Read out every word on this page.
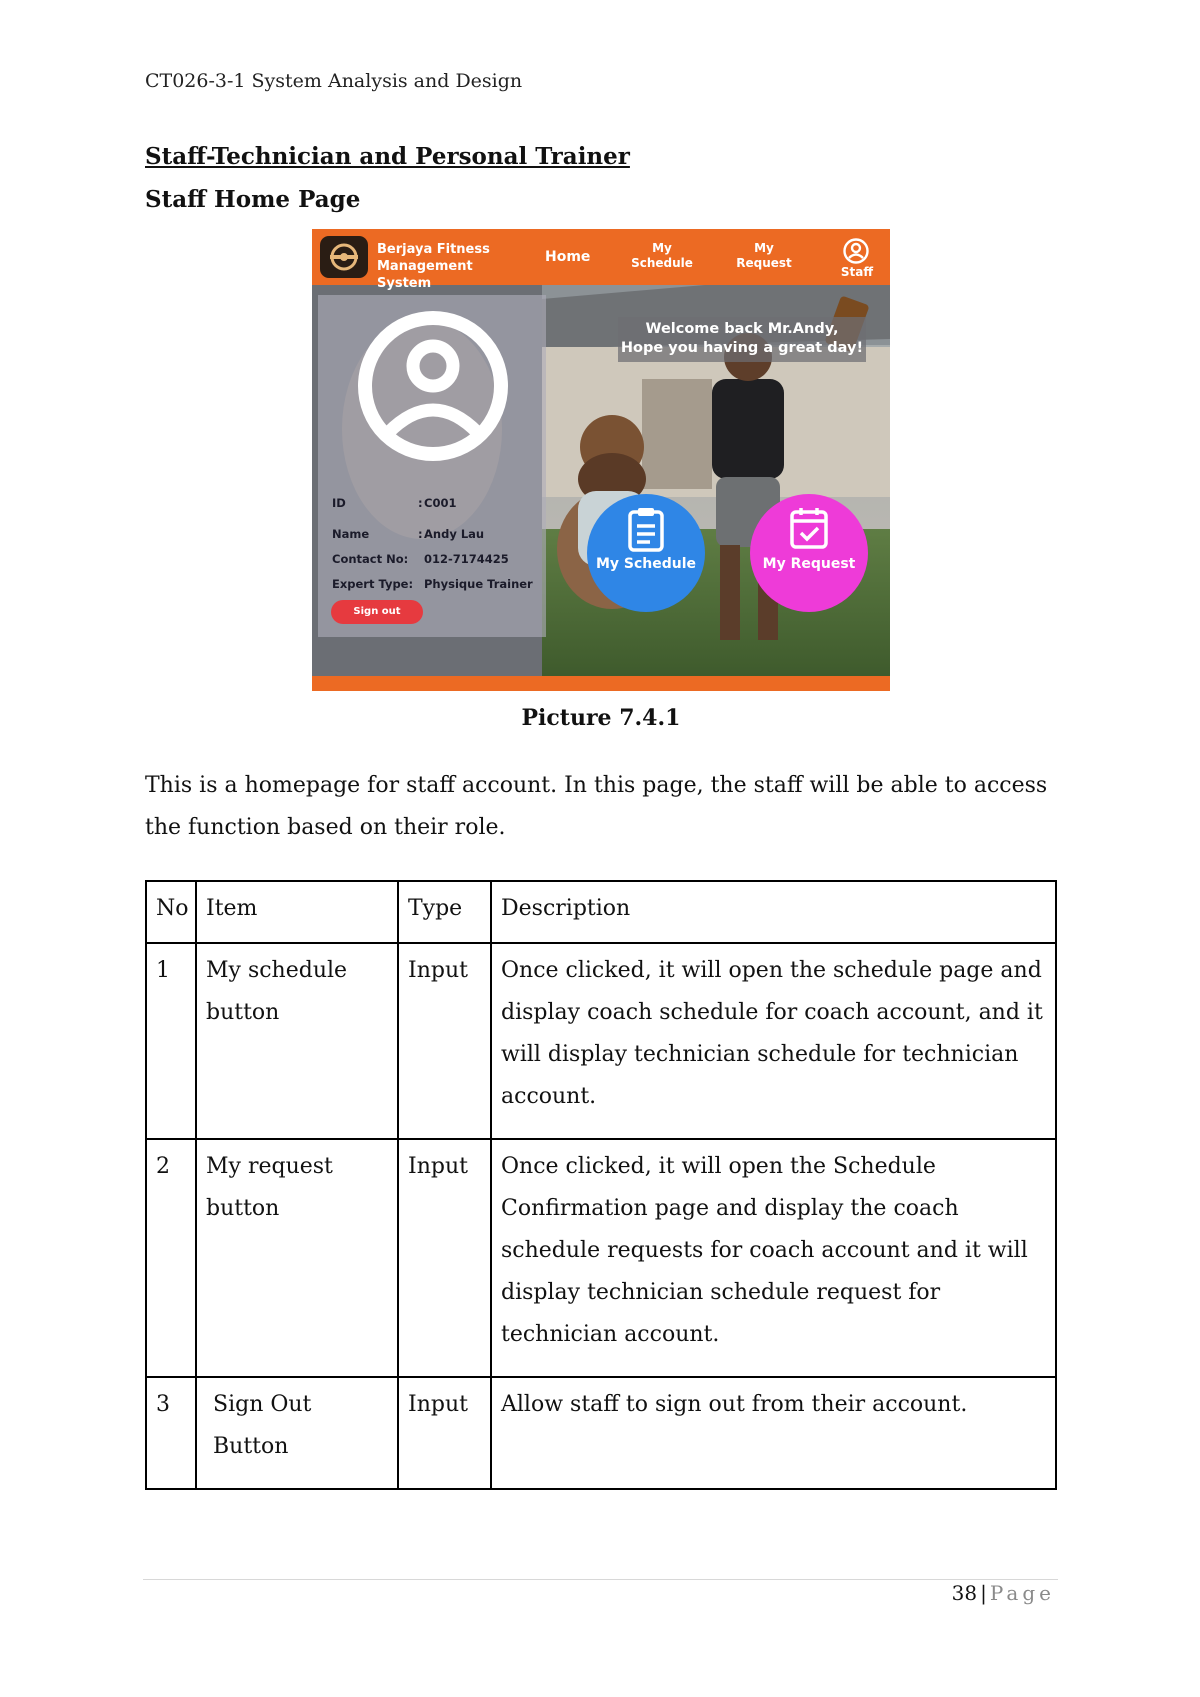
CT026-3-1 System Analysis and Design
Staff-Technician and Personal Trainer
Staff Home Page
Berjaya Fitness Management System
Home
My Schedule
My Request
Staff
ID	: C001
Name	: Andy Lau
Contact No:	012-7174425
Expert Type: Physique Trainer
Sign out
Welcome back Mr.Andy,
Hope you having a great day!
My Schedule	My Request
Picture 7.4.1
This is a homepage for staff account. In this page, the staff will be able to access the function based on their role.
No	Item	Type	Description
1	My schedule button	Input	Once clicked, it will open the schedule page and display coach schedule for coach account, and it will display technician schedule for technician account.
2	My request button	Input	Once clicked, it will open the Schedule Confirmation page and display the coach schedule requests for coach account and it will display technician schedule request for technician account.
3	Sign Out Button	Input	Allow staff to sign out from their account.
38 | Page
